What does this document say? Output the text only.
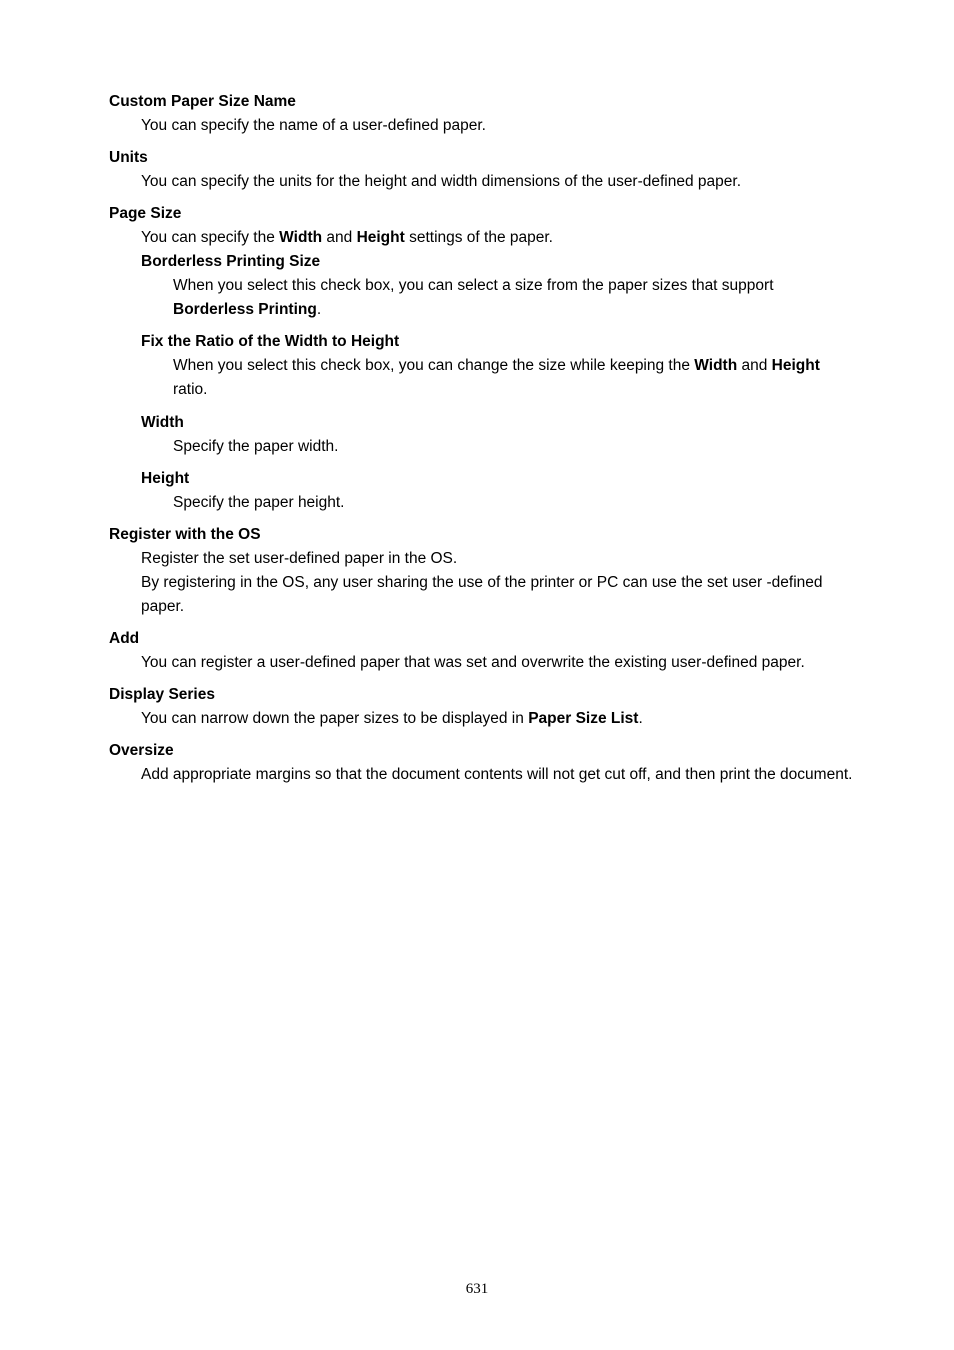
Custom Paper Size Name
You can specify the name of a user-defined paper.
Units
You can specify the units for the height and width dimensions of the user-defined paper.
Page Size
You can specify the Width and Height settings of the paper.
Borderless Printing Size
When you select this check box, you can select a size from the paper sizes that support Borderless Printing.
Fix the Ratio of the Width to Height
When you select this check box, you can change the size while keeping the Width and Height ratio.
Width
Specify the paper width.
Height
Specify the paper height.
Register with the OS
Register the set user-defined paper in the OS.
By registering in the OS, any user sharing the use of the printer or PC can use the set user -defined paper.
Add
You can register a user-defined paper that was set and overwrite the existing user-defined paper.
Display Series
You can narrow down the paper sizes to be displayed in Paper Size List.
Oversize
Add appropriate margins so that the document contents will not get cut off, and then print the document.
631
